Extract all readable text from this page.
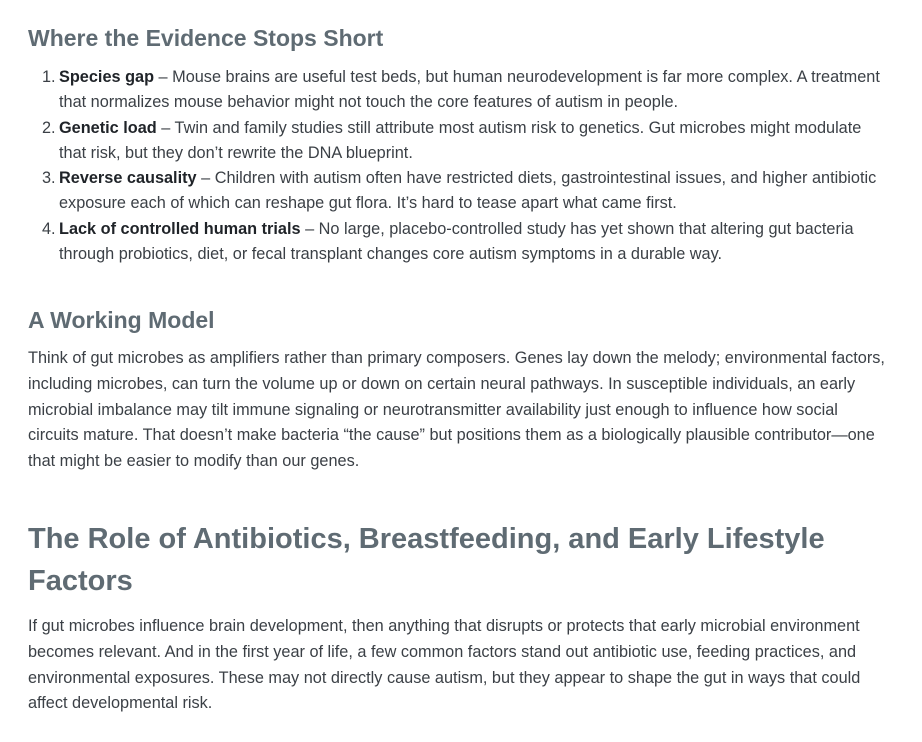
Where the Evidence Stops Short
1. Species gap – Mouse brains are useful test beds, but human neurodevelopment is far more complex. A treatment that normalizes mouse behavior might not touch the core features of autism in people.
2. Genetic load – Twin and family studies still attribute most autism risk to genetics. Gut microbes might modulate that risk, but they don’t rewrite the DNA blueprint.
3. Reverse causality – Children with autism often have restricted diets, gastrointestinal issues, and higher antibiotic exposure each of which can reshape gut flora. It’s hard to tease apart what came first.
4. Lack of controlled human trials – No large, placebo-controlled study has yet shown that altering gut bacteria through probiotics, diet, or fecal transplant changes core autism symptoms in a durable way.
A Working Model

Think of gut microbes as amplifiers rather than primary composers. Genes lay down the melody; environmental factors, including microbes, can turn the volume up or down on certain neural pathways. In susceptible individuals, an early microbial imbalance may tilt immune signaling or neurotransmitter availability just enough to influence how social circuits mature. That doesn’t make bacteria “the cause” but positions them as a biologically plausible contributor—one that might be easier to modify than our genes.

The Role of Antibiotics, Breastfeeding, and Early Lifestyle Factors

If gut microbes influence brain development, then anything that disrupts or protects that early microbial environment becomes relevant. And in the first year of life, a few common factors stand out antibiotic use, feeding practices, and environmental exposures. These may not directly cause autism, but they appear to shape the gut in ways that could affect developmental risk.
